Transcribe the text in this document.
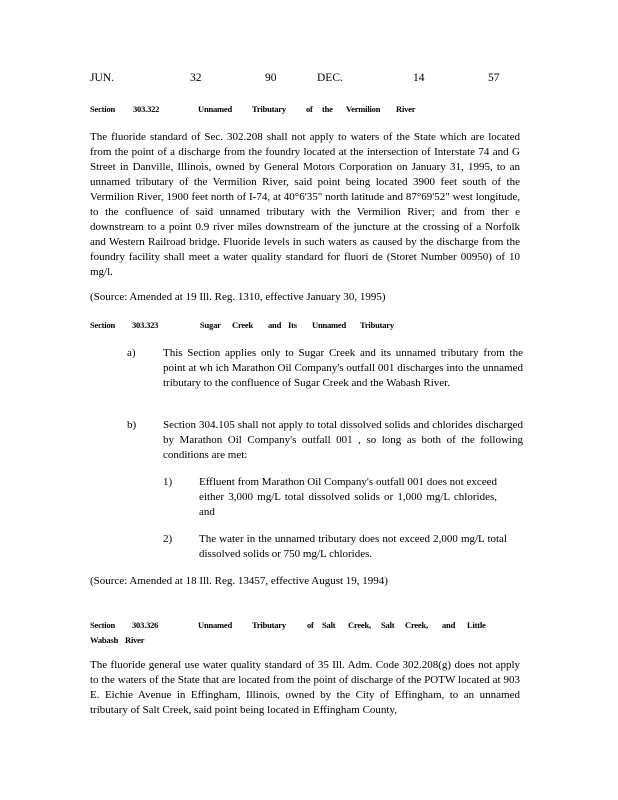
JUN.	32	90	DEC.	14	57
Section 303.322	Unnamed Tributary of the Vermilion River
The fluoride standard of Sec. 302.208 shall not apply to waters of the State which are located from the point of a discharge from the foundry located at the intersection of Interstate 74 and G Street in Danville, Illinois, owned by General Motors Corporation on January 31, 1995, to an unnamed tributary of the Vermilion River, said point being located 3900 feet south of the Vermilion River, 1900 feet north of I-74, at 40°6'35" north latitude and 87°69'52" west longitude, to the confluence of said unnamed tributary with the Vermilion River; and from ther e downstream to a point 0.9 river miles downstream of the juncture at the crossing of a Norfolk and Western Railroad bridge. Fluoride levels in such waters as caused by the discharge from the foundry facility shall meet a water quality standard for fluori de (Storet Number 00950) of 10 mg/l.
(Source: Amended at 19 Ill. Reg. 1310, effective January 30, 1995)
Section 303.323	Sugar Creek and Its Unnamed Tributary
a) This Section applies only to Sugar Creek and its unnamed tributary from the point at wh ich Marathon Oil Company's outfall 001 discharges into the unnamed tributary to the confluence of Sugar Creek and the Wabash River.
b) Section 304.105 shall not apply to total dissolved solids and chlorides discharged by Marathon Oil Company's outfall 001 , so long as both of the following conditions are met:
1) Effluent from Marathon Oil Company's outfall 001 does not exceed either 3,000 mg/L total dissolved solids or 1,000 mg/L chlorides, and
2) The water in the unnamed tributary does not exceed 2,000 mg/L total dissolved solids or 750 mg/L chlorides.
(Source: Amended at 18 Ill. Reg. 13457, effective August 19, 1994)
Section 303.326	Unnamed Tributary of Salt Creek, Salt Creek, and Little
Wabash River
The fluoride general use water quality standard of 35 Ill. Adm. Code 302.208(g) does not apply to the waters of the State that are located from the point of discharge of the POTW located at 903 E. Eichie Avenue in Effingham, Illinois, owned by the City of Effingham, to an unnamed tributary of Salt Creek, said point being located in Effingham County,
